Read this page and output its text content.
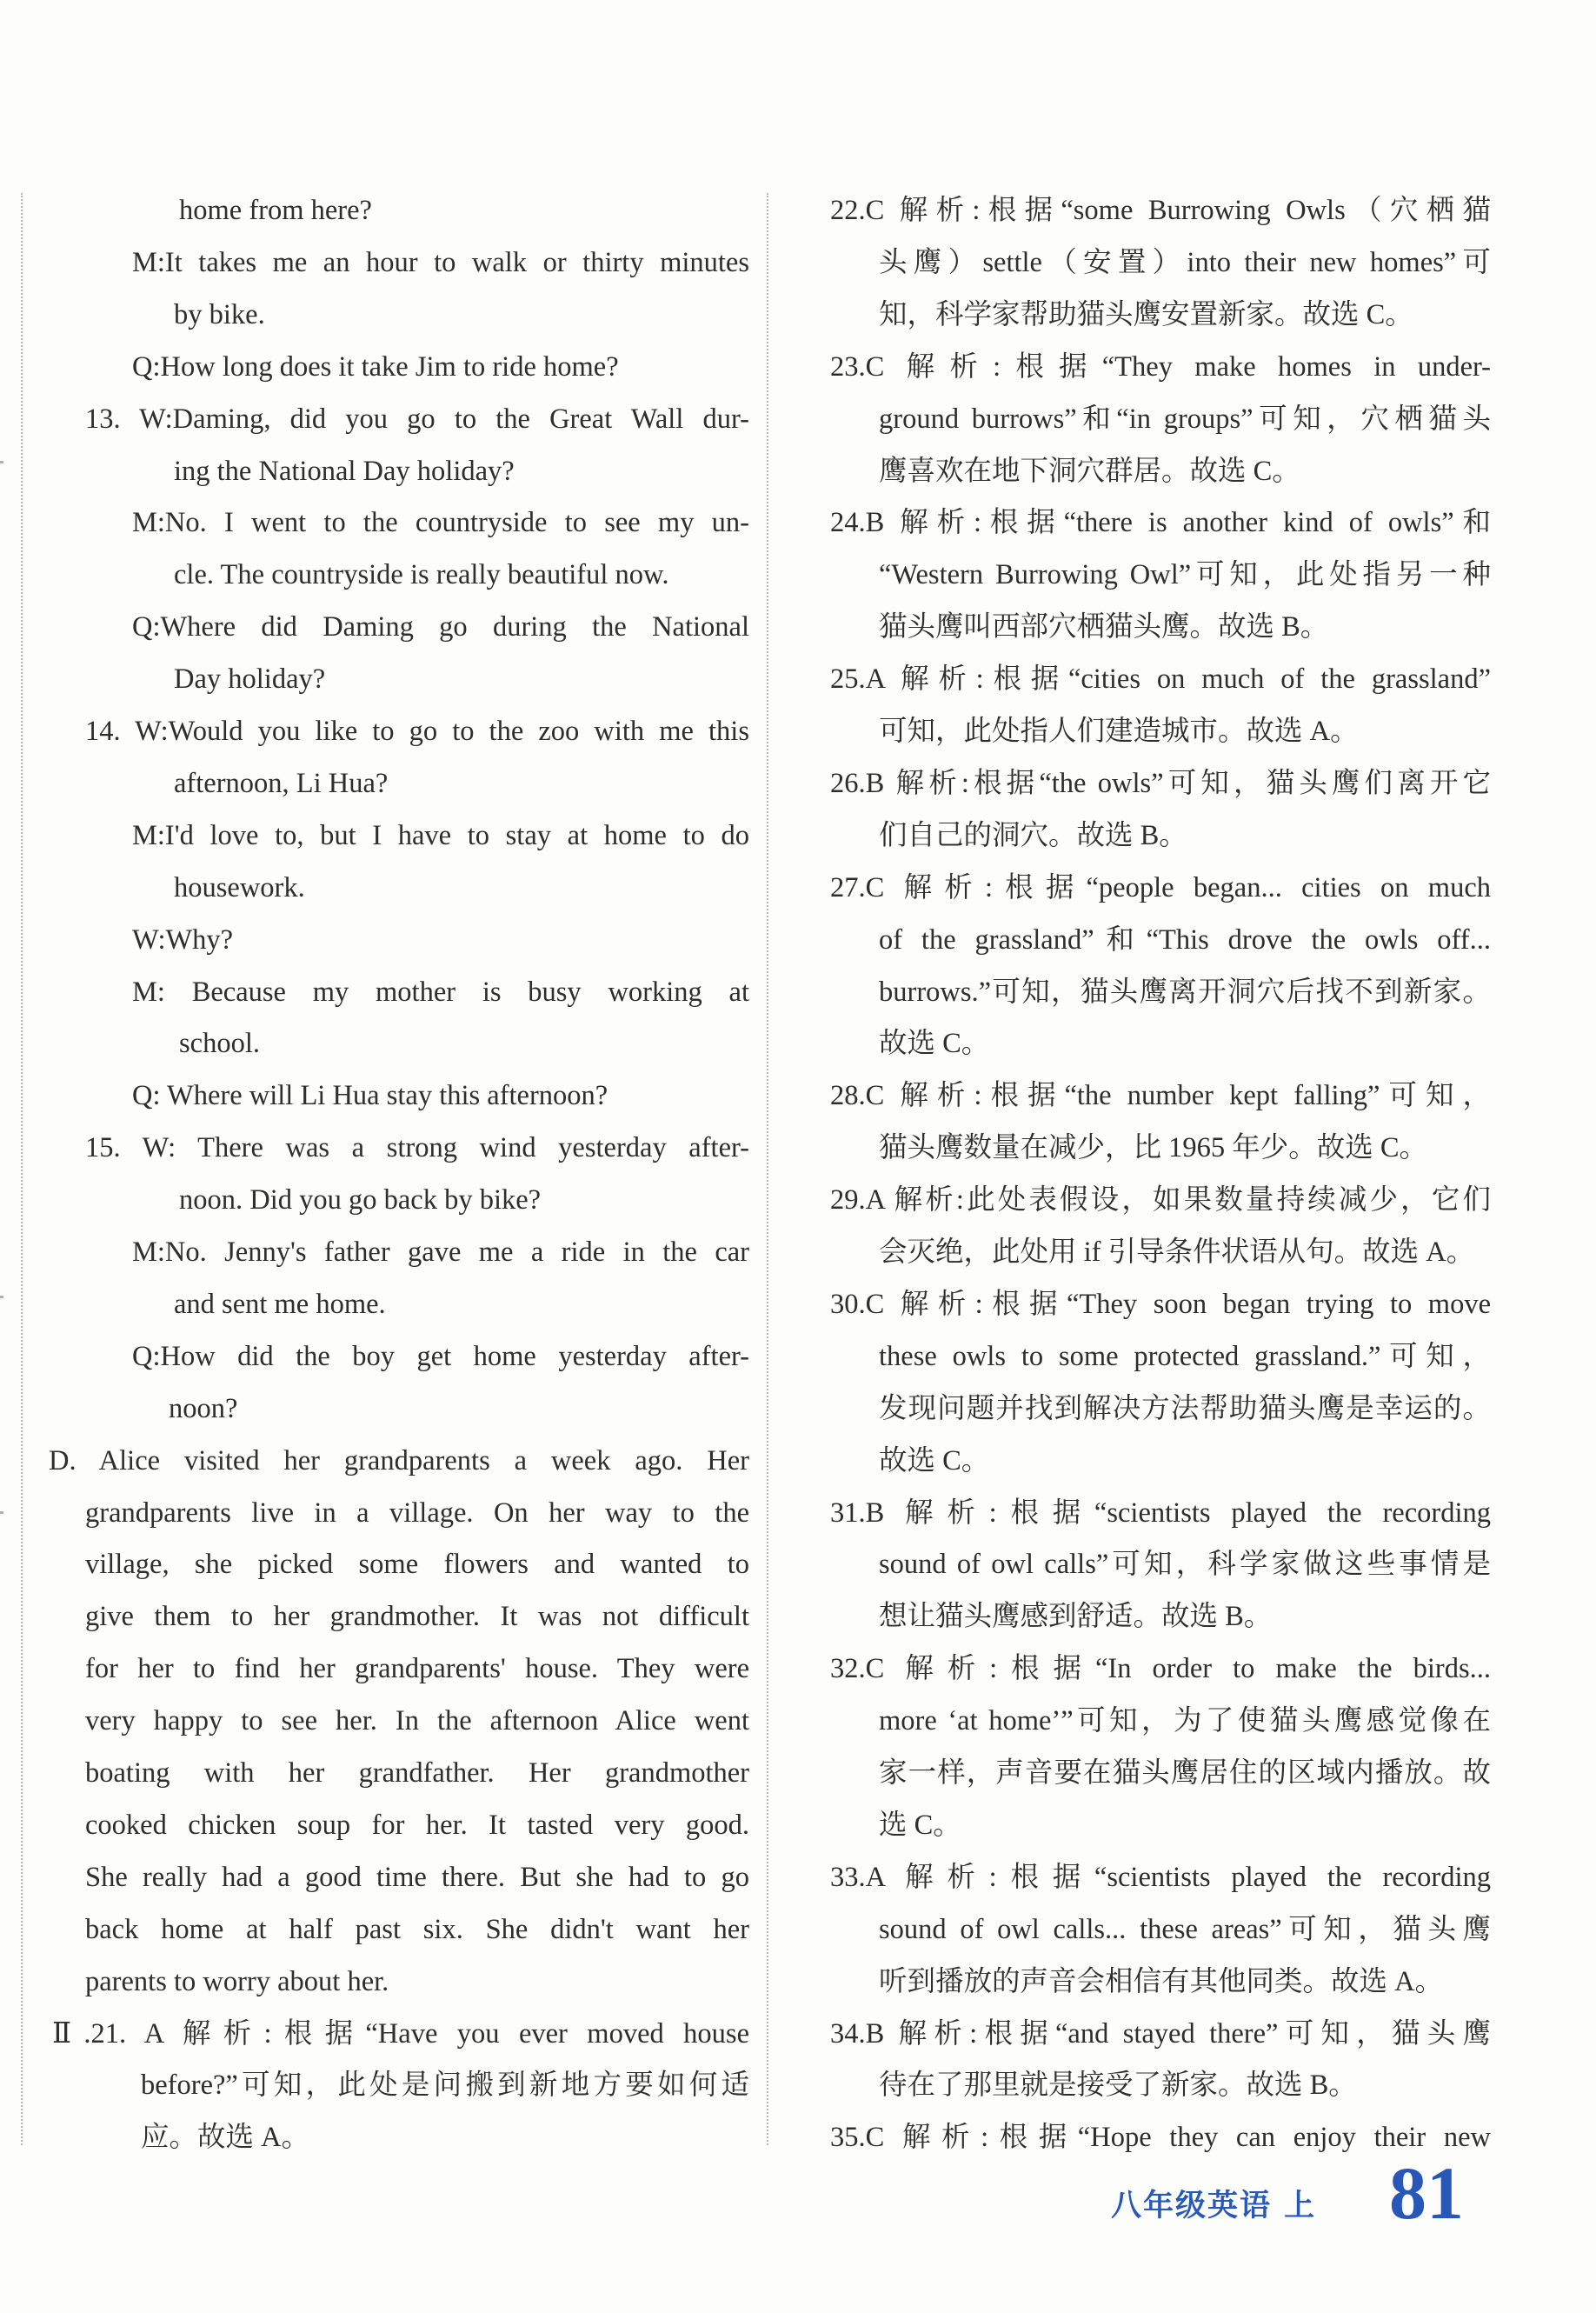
home from here?
M:It takes me an hour to walk or thirty minutes
by bike.
Q:How long does it take Jim to ride home?
13. W:Daming, did you go to the Great Wall dur-
ing the National Day holiday?
M:No. I went to the countryside to see my un-
cle. The countryside is really beautiful now.
Q:Where did Daming go during the National
Day holiday?
14. W:Would you like to go to the zoo with me this
afternoon, Li Hua?
M:I'd love to, but I have to stay at home to do
housework.
W:Why?
M: Because my mother is busy working at
school.
Q: Where will Li Hua stay this afternoon?
15. W: There was a strong wind yesterday after-
noon. Did you go back by bike?
M:No. Jenny's father gave me a ride in the car
and sent me home.
Q:How did the boy get home yesterday after-
noon?
D. Alice visited her grandparents a week ago. Her
grandparents live in a village. On her way to the
village, she picked some flowers and wanted to
give them to her grandmother. It was not difficult
for her to find her grandparents' house. They were
very happy to see her. In the afternoon Alice went
boating with her grandfather. Her grandmother
cooked chicken soup for her. It tasted very good.
She really had a good time there. But she had to go
back home at half past six. She didn't want her
parents to worry about her.
Ⅱ.21. A 解析:根据“Have you ever moved house
before?”可知，此处是问搬到新地方要如何适
应。故选 A。
22.C 解析:根据“some Burrowing Owls（穴栖猫
头鹰）settle（安置）into their new homes”可
知，科学家帮助猫头鹰安置新家。故选 C。
23.C 解析:根据“They make homes in under-
ground burrows”和“in groups”可知，穴栖猫头
鹰喜欢在地下洞穴群居。故选 C。
24.B 解析:根据“there is another kind of owls”和
“Western Burrowing Owl”可知，此处指另一种
猫头鹰叫西部穴栖猫头鹰。故选 B。
25.A 解析:根据“cities on much of the grassland”
可知，此处指人们建造城市。故选 A。
26.B 解析:根据“the owls”可知，猫头鹰们离开它
们自己的洞穴。故选 B。
27.C 解析:根据“people began... cities on much
of the grassland”和“This drove the owls off...
burrows.”可知，猫头鹰离开洞穴后找不到新家。
故选 C。
28.C 解析:根据“the number kept falling”可知，
猫头鹰数量在减少，比 1965 年少。故选 C。
29.A 解析:此处表假设，如果数量持续减少，它们
会灭绝，此处用 if 引导条件状语从句。故选 A。
30.C 解析:根据“They soon began trying to move
these owls to some protected grassland.”可知，
发现问题并找到解决方法帮助猫头鹰是幸运的。
故选 C。
31.B 解析:根据“scientists played the recording
sound of owl calls”可知，科学家做这些事情是
想让猫头鹰感到舒适。故选 B。
32.C 解析:根据“In order to make the birds...
more ‘at home’”可知，为了使猫头鹰感觉像在
家一样，声音要在猫头鹰居住的区域内播放。故
选 C。
33.A 解析:根据“scientists played the recording
sound of owl calls... these areas”可知，猫头鹰
听到播放的声音会相信有其他同类。故选 A。
34.B 解析:根据“and stayed there”可知，猫头鹰
待在了那里就是接受了新家。故选 B。
35.C 解析:根据“Hope they can enjoy their new
八年级英语 上 81
